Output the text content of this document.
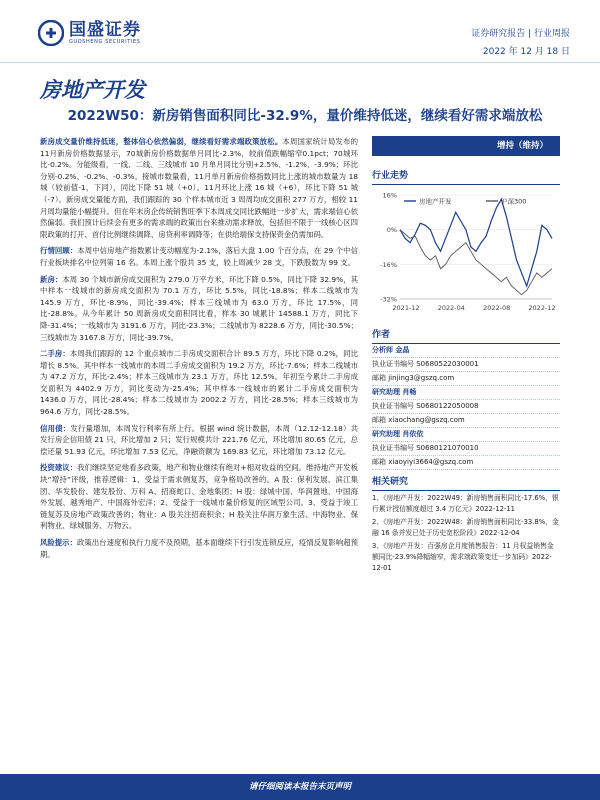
国盛证券
GUOSHENG SECURITIES
证券研究报告 | 行业周报
2022 年 12 月 18 日
房地产开发
2022W50：新房销售面积同比-32.9%，量价维持低迷，继续看好需求端放松

新房成交量价维持低迷，整体信心依然偏弱，继续看好需求端政策放松。本周国家统计局发布的11月新房价格数据显示，70城新房价格数据单月同比-2.3%，较前值跌幅缩窄0.1pct；70城环比-0.2%。分能级看，一线、二线、三线城市 10 月单月同比分别+2.5%、-1.2%、-3.9%；环比分别-0.2%、-0.2%、-0.3%。接城市数量看，11月单月新房价格指数同比上涨的城市数量为 18 城（较前值-1，下同），同比下降 51 城（+0）。11月环比上涨 16 城（+6），环比下降 51 城（-7）。新房成交量能方面，我们跟踪的 30 个样本城市近 3 周周均成交面积 277 万方，相较 11 月周均量能小幅提升。但在年末房企传统销售旺季下本周成交同比跌幅进一步扩大，需求端信心依然偏弱。我们预计后续会有更多的需求端的政策出台来推动需求释放，包括但不限于一线核心区四限政策的打开、首付比例继续调降、房贷利率调降等；在供给端保支持保资金仍需加码。

行情回顾：本周中信房地产指数累计变动幅度为-2.1%，落后大盘 1.00 个百分点，在 29 个中信行业板块排名中位列第 16 名。本周上涨个股共 35 支，较上周减少 28 支，下跌股数为 99 支。

新房：本周 30 个城市新房成交面积为 279.0 万平方米，环比下降 0.5%，同比下降 32.9%，其中样本一线城市的新房成交面积为 70.1 万方，环比 5.5%，同比-18.8%；样本二线城市为 145.9 万方，环比-8.9%，同比-39.4%；样本三线城市为 63.0 万方，环比 17.5%，同比-28.8%。从今年累计 50 周新房成交面积同比看，样本 30 城累计 14588.1 万方，同比下降-31.4%；一线城市为 3191.6 万方，同比-23.3%；二线城市为 8228.6 万方，同比-30.5%；三线城市为 3167.8 万方，同比-39.7%。

二手房：本周我们跟踪的 12 个重点城市二手房成交面积合计 89.5 万方，环比下降 0.2%，同比增长 8.5%。其中样本一线城市的本周二手房成交面积为 19.2 万方，环比-7.6%；样本二线城市为 47.2 万方，环比-2.4%；样本三线城市为 23.1 万方，环比 12.5%。年初至今累计二手房成交面积为 4402.9 万方，同比变动为-25.4%；其中样本一线城市的累计二手房成交面积为 1436.0 万方，同比-28.4%；样本二线城市为 2002.2 万方，同比-28.5%；样本三线城市为 964.6 万方，同比-28.5%。

信用债：发行量增加，本周发行利率有所上行。根据 wind 统计数据，本周（12.12-12.18）共发行房企信用债 21 只，环比增加 2 只；发行规模共计 221.76 亿元，环比增加 80.65 亿元，总偿还量 51.93 亿元，环比增加 7.53 亿元，净融资额为 169.83 亿元，环比增加 73.12 亿元。

投资建议：我们继续坚定地看多政策，地产和物业继续有绝对+相对收益的空间。维持地产开发板块“增持”评级，推荐逻辑：1、受益于需求侧复苏，竞争格局改善的。A 股：保利发展、滨江集团、华发股份、建发股份、万科 A、招商蛇口、金地集团；H 股：绿城中国、华润置地、中国海外发展、越秀地产、中国海外宏洋；2、受益于一线城市量价修复的区域型公司。3、受益于竣工链复苏及房地产政策改善的；物业：A 股关注招商积余；H 股关注华润万象生活、中海物业、保利物业、绿城服务、万物云。

风险提示：政策出台速度和执行力度不及预期，基本面继续下行引发连锁反应，疫情反复影响超预期。

增持（维持）
行业走势
16%
0%
-16%
-32%
2021-12	2022-04	2022-08	2022-12
房地产开发	沪深300
作者
分析师 金晶
执业证书编号 S0680522030001
邮箱 jinjing3@gszq.com
研究助理 肖畅
执业证书编号 S0680122050008
邮箱 xiaochang@gszq.com
研究助理 肖依依
执业证书编号 S0680121070010
邮箱 xiaoyiyi3664@gszq.com
相关研究
1、《房地产开发：2022W49：新房销售面积同比-17.6%，银行累计授信额度超过 3.4 万亿元》2022-12-11
2、《房地产开发：2022W48：新房销售面积同比-33.8%，金融 16 条并发已处于历史宽松阶段》2022-12-04
3、《房地产开发：百强房企月度销售报告：11 月权益销售金额同比-23.9%降幅缩窄，需求端政策变迁一步加码》2022-12-01
请仔细阅读本报告末页声明
